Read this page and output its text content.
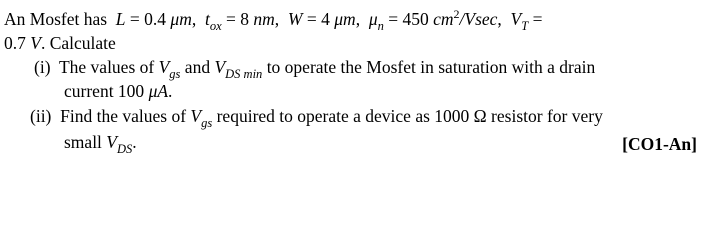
An Mosfet has L = 0.4 μm,  $t_{ox} = 8$ nm,  W = 4 μm,  $\mu_n = 450$ $cm^2$/Vsec,  $V_T$ =
0.7 V. Calculate
(i) The values of $V_{gs}$ and $V_{DS min}$ to operate the Mosfet in saturation with a drain
current 100 μA.
(ii) Find the values of $V_{gs}$ required to operate a device as 1000 Ω resistor for very
small $V_{DS}$.	[CO1-An]
